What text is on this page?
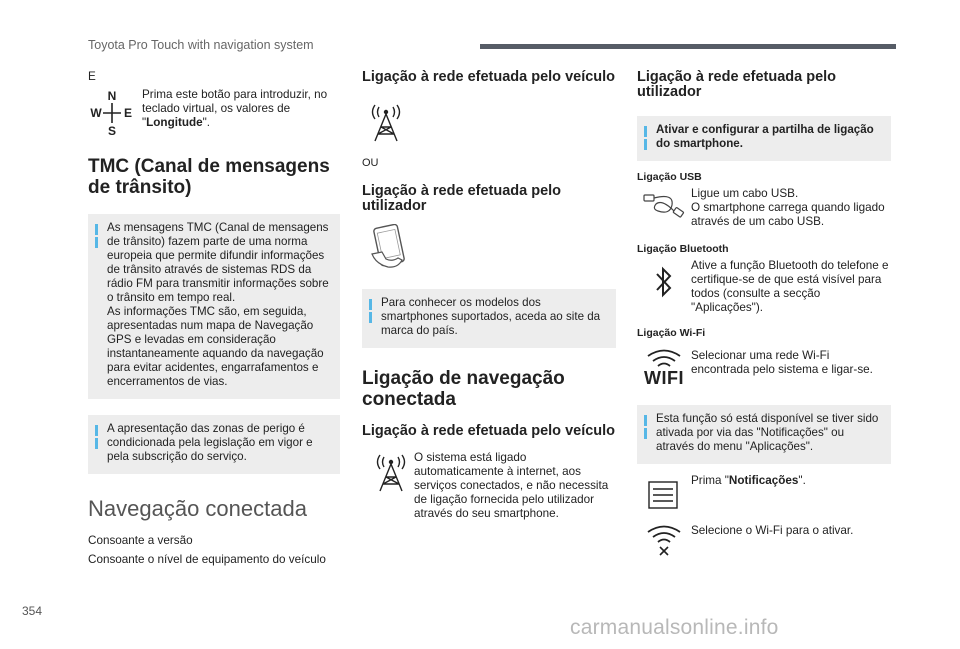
Toyota Pro Touch with navigation system
E
N
S
W E
Prima este botão para introduzir, no teclado virtual, os valores de "Longitude".
TMC (Canal de mensagens de trânsito)
As mensagens TMC (Canal de mensagens de trânsito) fazem parte de uma norma europeia que permite difundir informações de trânsito através de sistemas RDS da rádio FM para transmitir informações sobre o trânsito em tempo real.
As informações TMC são, em seguida, apresentadas num mapa de Navegação GPS e levadas em consideração instantaneamente aquando da navegação para evitar acidentes, engarrafamentos e encerramentos de vias.
A apresentação das zonas de perigo é condicionada pela legislação em vigor e pela subscrição do serviço.
Navegação conectada
Consoante a versão
Consoante o nível de equipamento do veículo
Ligação à rede efetuada pelo veículo
OU
Ligação à rede efetuada pelo utilizador
Para conhecer os modelos dos smartphones suportados, aceda ao site da marca do país.
Ligação de navegação conectada
Ligação à rede efetuada pelo veículo
O sistema está ligado automaticamente à internet, aos serviços conectados, e não necessita de ligação fornecida pelo utilizador através do seu smartphone.
Ligação à rede efetuada pelo utilizador
Ativar e configurar a partilha de ligação do smartphone.
Ligação USB
Ligue um cabo USB.
O smartphone carrega quando ligado através de um cabo USB.
Ligação Bluetooth
Ative a função Bluetooth do telefone e certifique-se de que está visível para todos (consulte a secção "Aplicações").
Ligação Wi-Fi
WIFI
Selecionar uma rede Wi-Fi encontrada pelo sistema e ligar-se.
Esta função só está disponível se tiver sido ativada por via das "Notificações" ou através do menu "Aplicações".
Prima "Notificações".
Selecione o Wi-Fi para o ativar.
354
carmanualsonline.info
